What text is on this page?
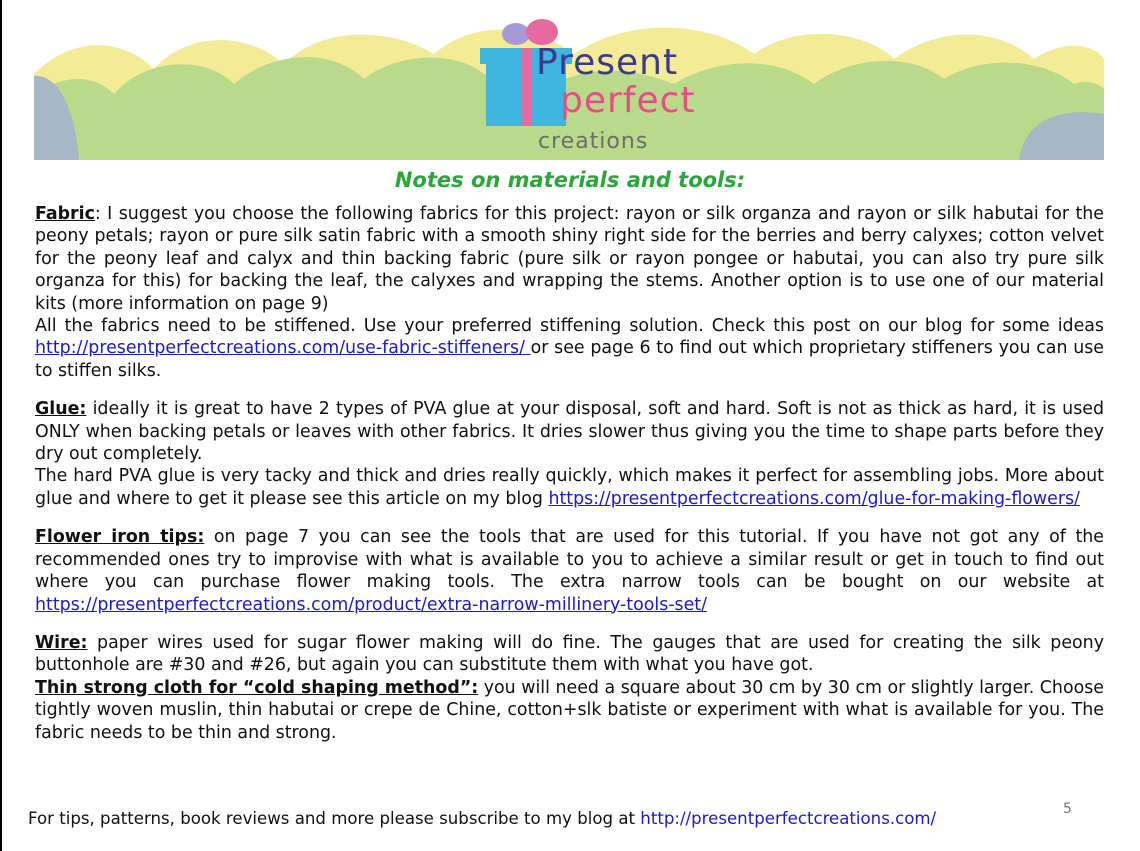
Present
perfect
creations
Notes on materials and tools:

Fabric: I suggest you choose the following fabrics for this project: rayon or silk organza and rayon or silk habutai for the peony petals; rayon or pure silk satin fabric with a smooth shiny right side for the berries and berry calyxes; cotton velvet for the peony leaf and calyx and thin backing fabric (pure silk or rayon pongee or habutai, you can also try pure silk organza for this) for backing the leaf, the calyxes and wrapping the stems. Another option is to use one of our material kits (more information on page 9)

All the fabrics need to be stiffened. Use your preferred stiffening solution. Check this post on our blog for some ideas http://presentperfectcreations.com/use-fabric-stiffeners/ or see page 6 to find out which proprietary stiffeners you can use to stiffen silks.

Glue: ideally it is great to have 2 types of PVA glue at your disposal, soft and hard. Soft is not as thick as hard, it is used ONLY when backing petals or leaves with other fabrics. It dries slower thus giving you the time to shape parts before they dry out completely.

The hard PVA glue is very tacky and thick and dries really quickly, which makes it perfect for assembling jobs. More about glue and where to get it please see this article on my blog https://presentperfectcreations.com/glue-for-making-flowers/

Flower iron tips: on page 7 you can see the tools that are used for this tutorial. If you have not got any of the recommended ones try to improvise with what is available to you to achieve a similar result or get in touch to find out where you can purchase flower making tools. The extra narrow tools can be bought on our website at https://presentperfectcreations.com/product/extra-narrow-millinery-tools-set/

Wire: paper wires used for sugar flower making will do fine. The gauges that are used for creating the silk peony buttonhole are #30 and #26, but again you can substitute them with what you have got.

Thin strong cloth for “cold shaping method”: you will need a square about 30 cm by 30 cm or slightly larger. Choose tightly woven muslin, thin habutai or crepe de Chine, cotton+slk batiste or experiment with what is available for you. The fabric needs to be thin and strong.

For tips, patterns, book reviews and more please subscribe to my blog at http://presentperfectcreations.com/	5
